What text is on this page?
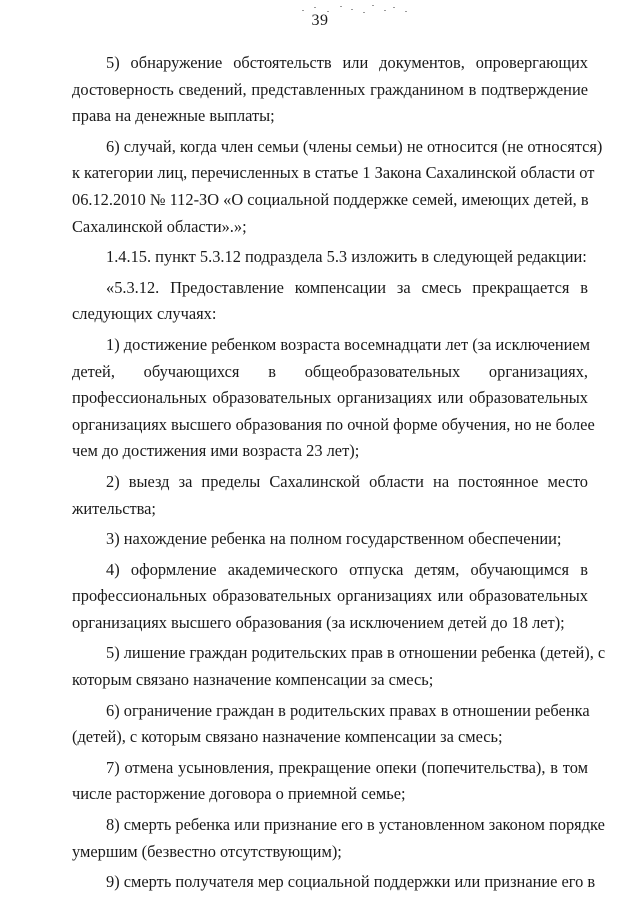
39
5) обнаружение обстоятельств или документов, опровергающих
достоверность сведений, представленных гражданином в подтверждение
права на денежные выплаты;
6) случай, когда член семьи (члены семьи) не относится (не относятся)
к категории лиц, перечисленных в статье 1 Закона Сахалинской области от
06.12.2010 № 112-ЗО «О социальной поддержке семей, имеющих детей, в
Сахалинской области».»;
1.4.15. пункт 5.3.12 подраздела 5.3 изложить в следующей редакции:
«5.3.12. Предоставление компенсации за смесь прекращается в
следующих случаях:
1) достижение ребенком возраста восемнадцати лет (за исключением
детей, обучающихся в общеобразовательных организациях,
профессиональных образовательных организациях или образовательных
организациях высшего образования по очной форме обучения, но не более
чем до достижения ими возраста 23 лет);
2) выезд за пределы Сахалинской области на постоянное место
жительства;
3) нахождение ребенка на полном государственном обеспечении;
4) оформление академического отпуска детям, обучающимся в
профессиональных образовательных организациях или образовательных
организациях высшего образования (за исключением детей до 18 лет);
5) лишение граждан родительских прав в отношении ребенка (детей), с
которым связано назначение компенсации за смесь;
6) ограничение граждан в родительских правах в отношении ребенка
(детей), с которым связано назначение компенсации за смесь;
7) отмена усыновления, прекращение опеки (попечительства), в том
числе расторжение договора о приемной семье;
8) смерть ребенка или признание его в установленном законом порядке
умершим (безвестно отсутствующим);
9) смерть получателя мер социальной поддержки или признание его в
